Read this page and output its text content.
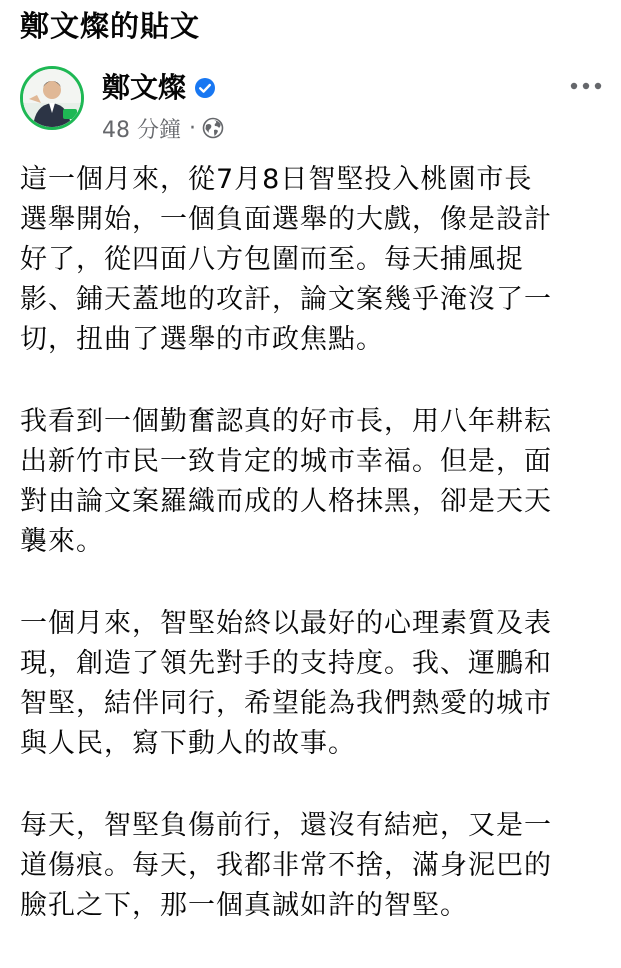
鄭文燦的貼文
鄭文燦
48 分鐘 ·

這一個月來，從7月8日智堅投入桃園市長
選舉開始，一個負面選舉的大戲，像是設計
好了，從四面八方包圍而至。每天捕風捉
影、鋪天蓋地的攻訐，論文案幾乎淹沒了一
切，扭曲了選舉的市政焦點。

我看到一個勤奮認真的好市長，用八年耕耘
出新竹市民一致肯定的城市幸福。但是，面
對由論文案羅織而成的人格抹黑，卻是天天
襲來。

一個月來，智堅始終以最好的心理素質及表
現，創造了領先對手的支持度。我、運鵬和
智堅，結伴同行，希望能為我們熱愛的城市
與人民，寫下動人的故事。

每天，智堅負傷前行，還沒有結疤，又是一
道傷痕。每天，我都非常不捨，滿身泥巴的
臉孔之下，那一個真誠如許的智堅。
